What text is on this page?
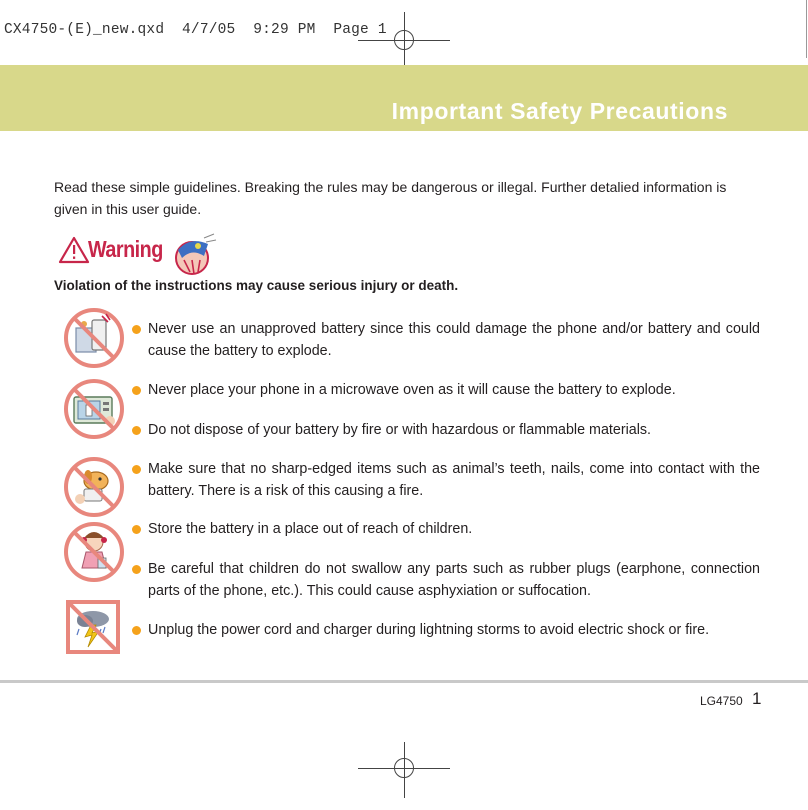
CX4750-(E)_new.qxd  4/7/05  9:29 PM  Page 1
Important Safety Precautions
Read these simple guidelines. Breaking the rules may be dangerous or illegal. Further detalied information is given in this user guide.
Warning
Violation of the instructions may cause serious injury or death.
Never use an unapproved battery since this could damage the phone and/or battery and could cause the battery to explode.
Never place your phone in a microwave oven as it will cause the battery to explode.
Do not dispose of your battery by fire or with hazardous or flammable materials.
Make sure that no sharp-edged items such as animal’s teeth, nails, come into contact with the battery. There is a risk of this causing a fire.
Store the battery in a place out of reach of children.
Be careful that children do not swallow any parts such as rubber plugs (earphone, connection parts of the phone, etc.). This could cause asphyxiation or suffocation.
Unplug the power cord and charger during lightning storms to avoid electric shock or fire.
LG4750 1
